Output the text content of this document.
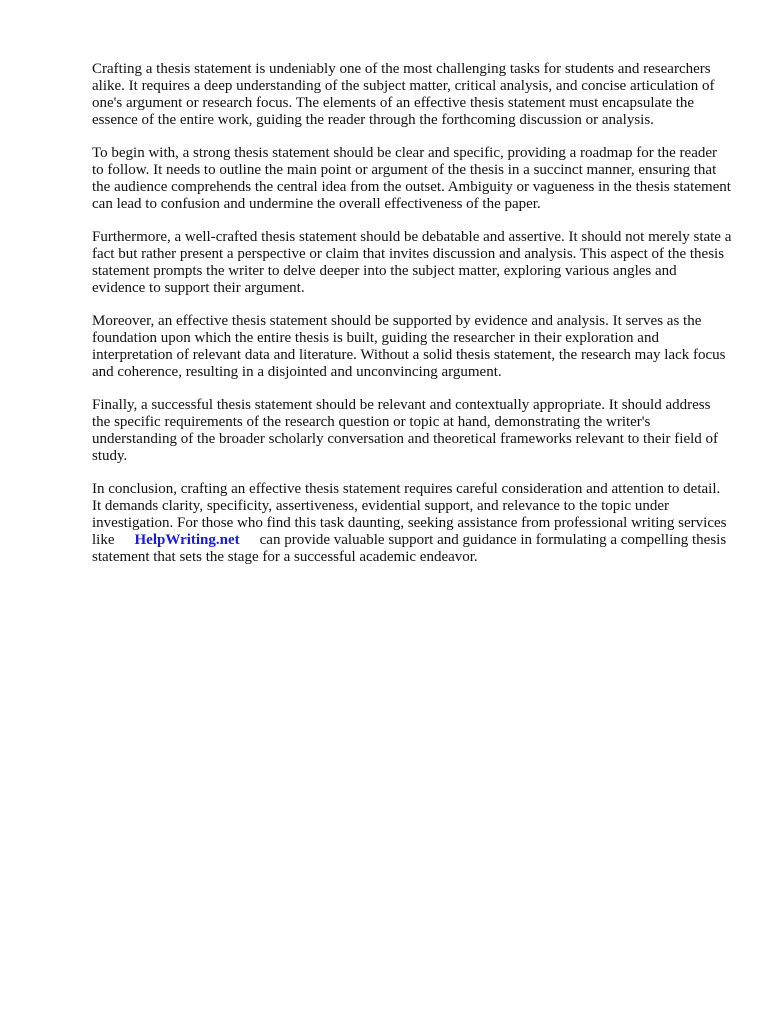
Crafting a thesis statement is undeniably one of the most challenging tasks for students and researchers alike. It requires a deep understanding of the subject matter, critical analysis, and concise articulation of one's argument or research focus. The elements of an effective thesis statement must encapsulate the essence of the entire work, guiding the reader through the forthcoming discussion or analysis.

To begin with, a strong thesis statement should be clear and specific, providing a roadmap for the reader to follow. It needs to outline the main point or argument of the thesis in a succinct manner, ensuring that the audience comprehends the central idea from the outset. Ambiguity or vagueness in the thesis statement can lead to confusion and undermine the overall effectiveness of the paper.

Furthermore, a well-crafted thesis statement should be debatable and assertive. It should not merely state a fact but rather present a perspective or claim that invites discussion and analysis. This aspect of the thesis statement prompts the writer to delve deeper into the subject matter, exploring various angles and evidence to support their argument.

Moreover, an effective thesis statement should be supported by evidence and analysis. It serves as the foundation upon which the entire thesis is built, guiding the researcher in their exploration and interpretation of relevant data and literature. Without a solid thesis statement, the research may lack focus and coherence, resulting in a disjointed and unconvincing argument.

Finally, a successful thesis statement should be relevant and contextually appropriate. It should address the specific requirements of the research question or topic at hand, demonstrating the writer's understanding of the broader scholarly conversation and theoretical frameworks relevant to their field of study.

In conclusion, crafting an effective thesis statement requires careful consideration and attention to detail. It demands clarity, specificity, assertiveness, evidential support, and relevance to the topic under investigation. For those who find this task daunting, seeking assistance from professional writing services like HelpWriting.net can provide valuable support and guidance in formulating a compelling thesis statement that sets the stage for a successful academic endeavor.
